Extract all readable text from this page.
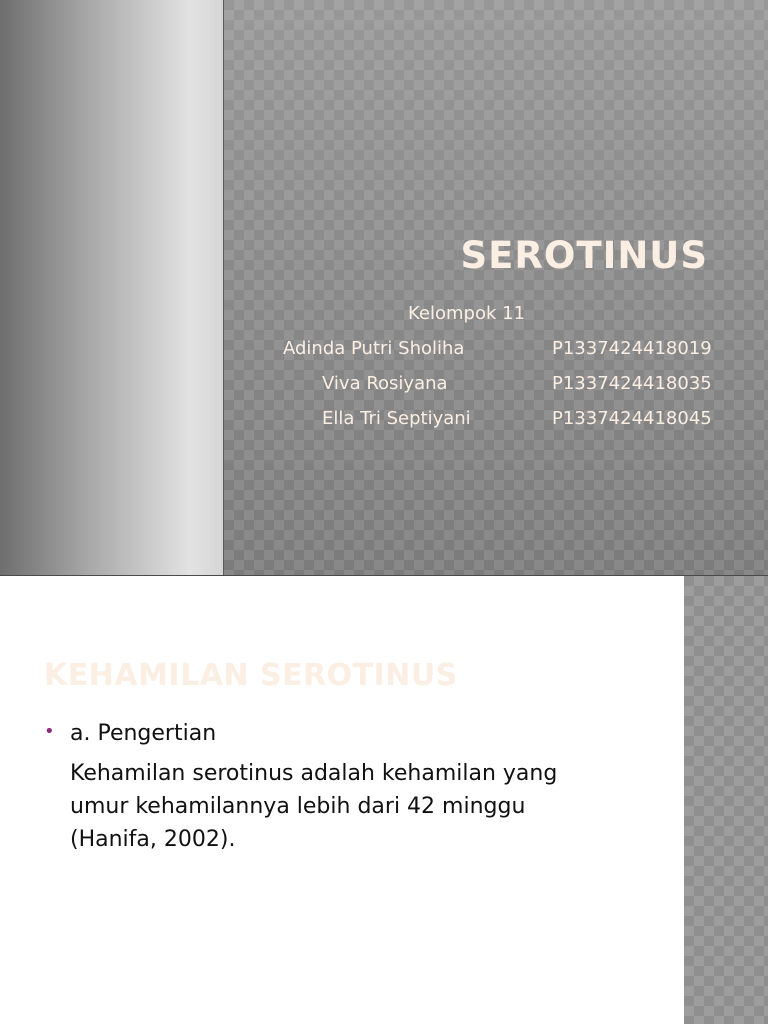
SEROTINUS
Kelompok 11
Adinda Putri Sholiha	P1337424418019
Viva Rosiyana	P1337424418035
Ella Tri Septiyani	P1337424418045
KEHAMILAN SEROTINUS
• a. Pengertian
Kehamilan serotinus adalah kehamilan yang
umur kehamilannya lebih dari 42 minggu
(Hanifa, 2002).
